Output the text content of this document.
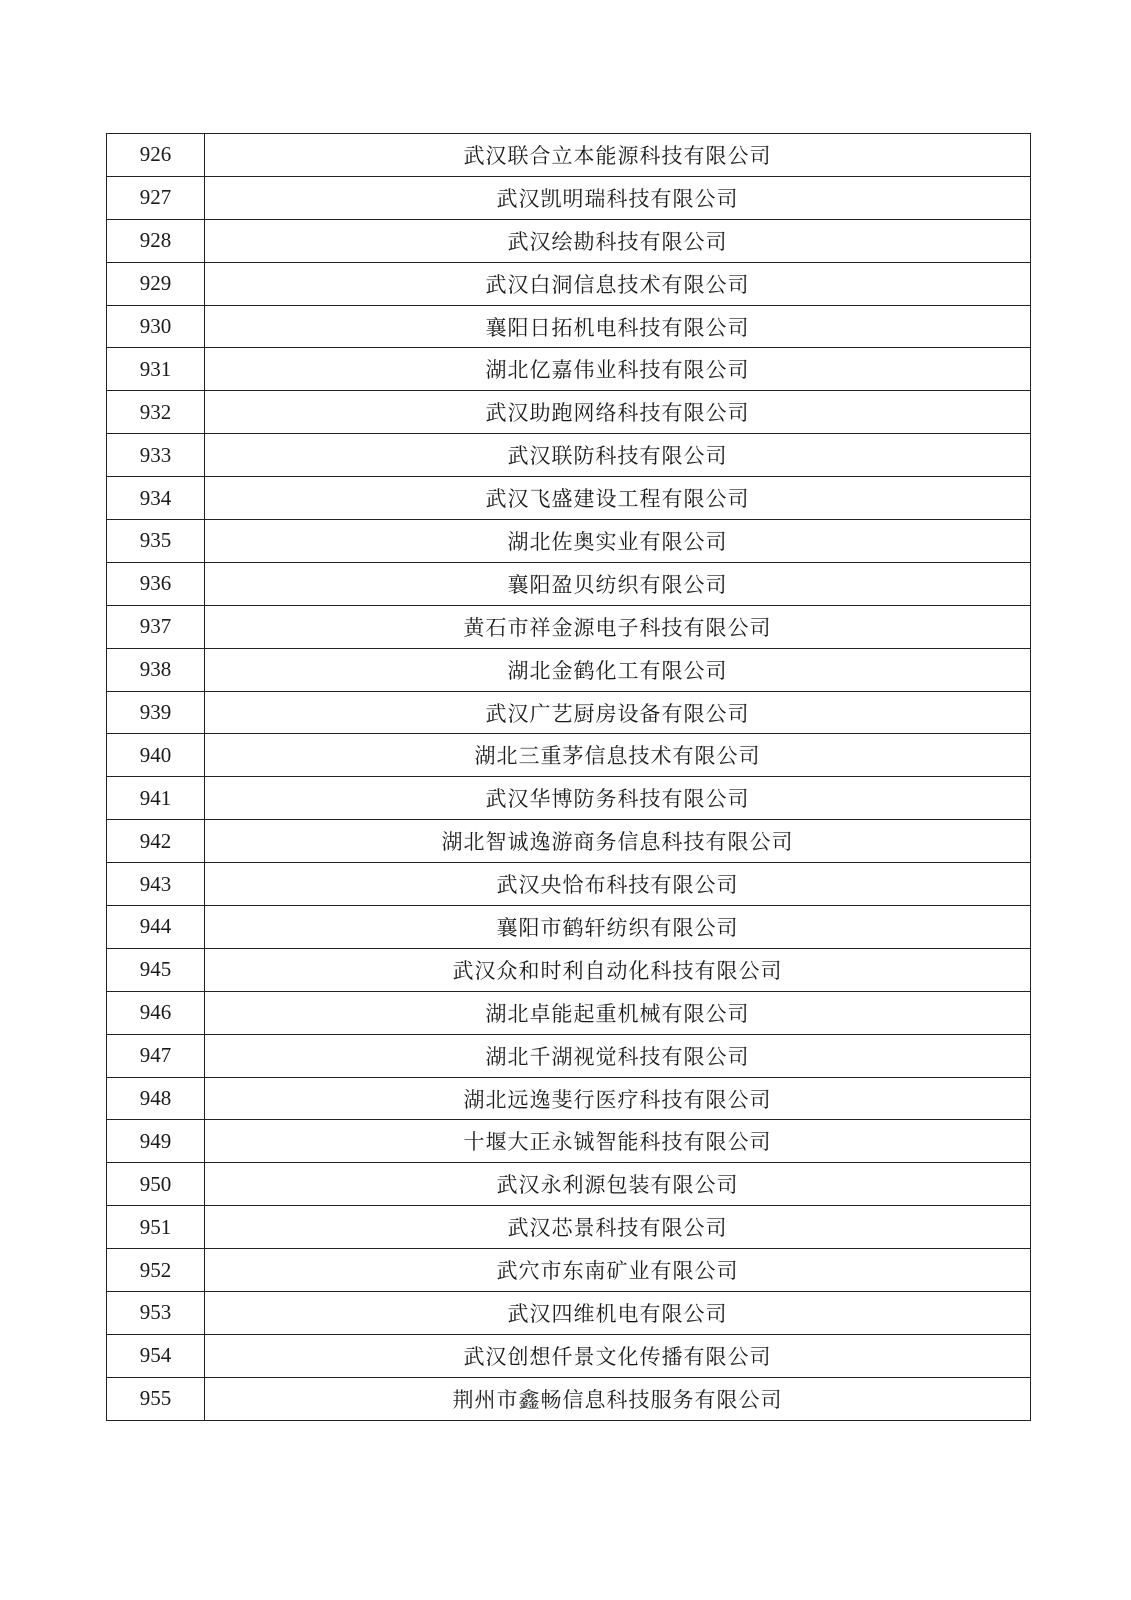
926	武汉联合立本能源科技有限公司
927	武汉凯明瑞科技有限公司
928	武汉绘勘科技有限公司
929	武汉白洞信息技术有限公司
930	襄阳日拓机电科技有限公司
931	湖北亿嘉伟业科技有限公司
932	武汉助跑网络科技有限公司
933	武汉联防科技有限公司
934	武汉飞盛建设工程有限公司
935	湖北佐奥实业有限公司
936	襄阳盈贝纺织有限公司
937	黄石市祥金源电子科技有限公司
938	湖北金鹤化工有限公司
939	武汉广艺厨房设备有限公司
940	湖北三重茅信息技术有限公司
941	武汉华博防务科技有限公司
942	湖北智诚逸游商务信息科技有限公司
943	武汉央恰布科技有限公司
944	襄阳市鹤轩纺织有限公司
945	武汉众和时利自动化科技有限公司
946	湖北卓能起重机械有限公司
947	湖北千湖视觉科技有限公司
948	湖北远逸斐行医疗科技有限公司
949	十堰大正永铖智能科技有限公司
950	武汉永利源包装有限公司
951	武汉芯景科技有限公司
952	武穴市东南矿业有限公司
953	武汉四维机电有限公司
954	武汉创想仟景文化传播有限公司
955	荆州市鑫畅信息科技服务有限公司
